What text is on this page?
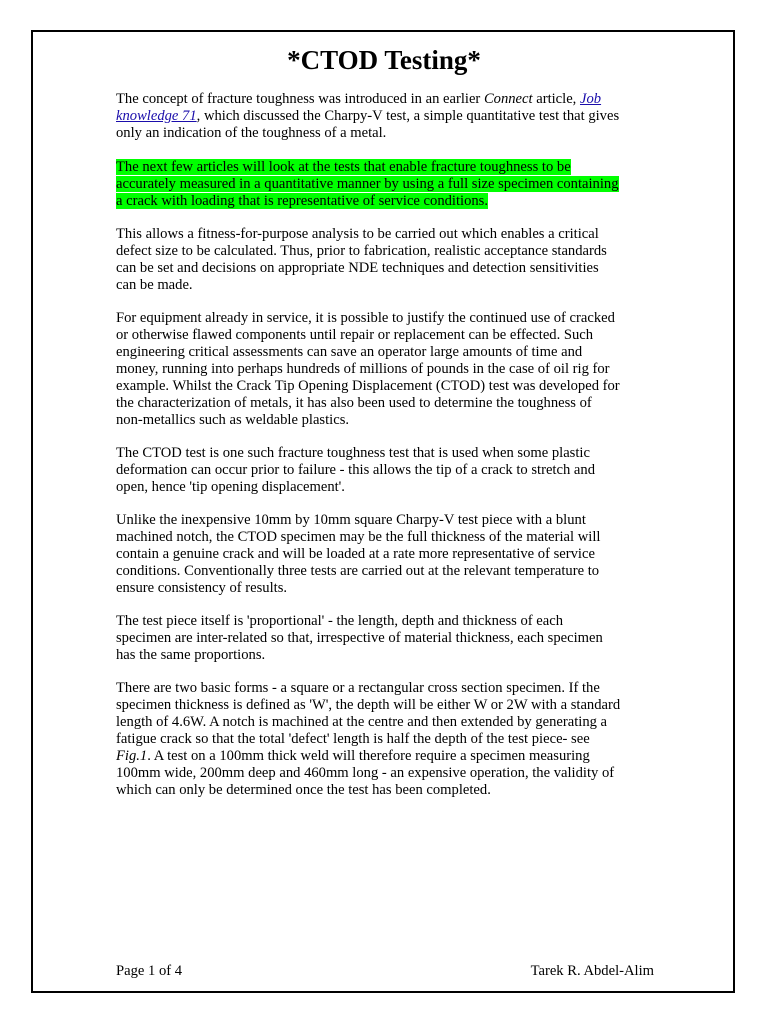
*CTOD Testing*

The concept of fracture toughness was introduced in an earlier Connect article, Job
knowledge 71, which discussed the Charpy-V test, a simple quantitative test that gives
only an indication of the toughness of a metal.

The next few articles will look at the tests that enable fracture toughness to be
accurately measured in a quantitative manner by using a full size specimen containing
a crack with loading that is representative of service conditions.

This allows a fitness-for-purpose analysis to be carried out which enables a critical
defect size to be calculated. Thus, prior to fabrication, realistic acceptance standards
can be set and decisions on appropriate NDE techniques and detection sensitivities
can be made.

For equipment already in service, it is possible to justify the continued use of cracked
or otherwise flawed components until repair or replacement can be effected. Such
engineering critical assessments can save an operator large amounts of time and
money, running into perhaps hundreds of millions of pounds in the case of oil rig for
example. Whilst the Crack Tip Opening Displacement (CTOD) test was developed for
the characterization of metals, it has also been used to determine the toughness of
non-metallics such as weldable plastics.

The CTOD test is one such fracture toughness test that is used when some plastic
deformation can occur prior to failure - this allows the tip of a crack to stretch and
open, hence 'tip opening displacement'.

Unlike the inexpensive 10mm by 10mm square Charpy-V test piece with a blunt
machined notch, the CTOD specimen may be the full thickness of the material will
contain a genuine crack and will be loaded at a rate more representative of service
conditions. Conventionally three tests are carried out at the relevant temperature to
ensure consistency of results.

The test piece itself is 'proportional' - the length, depth and thickness of each
specimen are inter-related so that, irrespective of material thickness, each specimen
has the same proportions.

There are two basic forms - a square or a rectangular cross section specimen. If the
specimen thickness is defined as 'W', the depth will be either W or 2W with a standard
length of 4.6W. A notch is machined at the centre and then extended by generating a
fatigue crack so that the total 'defect' length is half the depth of the test piece- see
Fig.1. A test on a 100mm thick weld will therefore require a specimen measuring
100mm wide, 200mm deep and 460mm long - an expensive operation, the validity of
which can only be determined once the test has been completed.

Page 1 of 4	Tarek R. Abdel-Alim
